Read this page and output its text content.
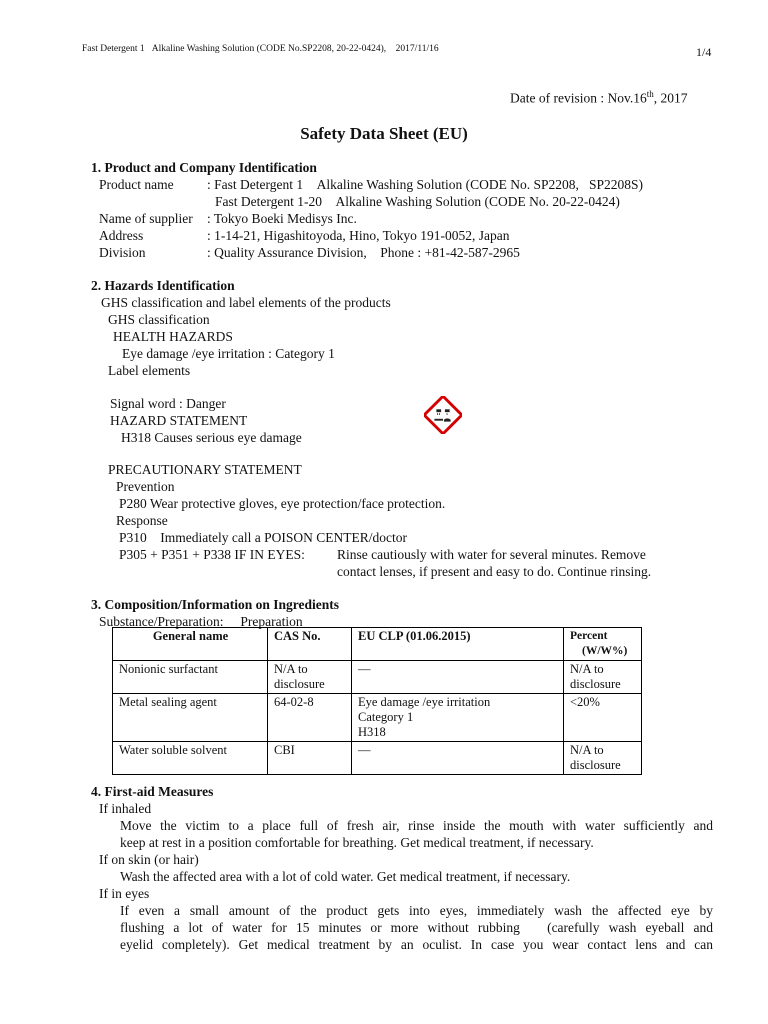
Fast Detergent 1   Alkaline Washing Solution (CODE No.SP2208, 20-22-0424),    2017/11/16	1/4
Date of revision : Nov.16th, 2017
Safety Data Sheet (EU)
1. Product and Company Identification
Product name : Fast Detergent 1    Alkaline Washing Solution (CODE No. SP2208,   SP2208S)
Fast Detergent 1-20    Alkaline Washing Solution (CODE No. 20-22-0424)
Name of supplier : Tokyo Boeki Medisys Inc.
Address	: 1-14-21, Higashitoyoda, Hino, Tokyo 191-0052, Japan
Division	: Quality Assurance Division,    Phone : +81-42-587-2965
2. Hazards Identification
GHS classification and label elements of the products
GHS classification
HEALTH HAZARDS
Eye damage /eye irritation : Category 1
Label elements
Signal word : Danger
HAZARD STATEMENT
H318 Causes serious eye damage
PRECAUTIONARY STATEMENT
Prevention
P280 Wear protective gloves, eye protection/face protection.
Response
P310    Immediately call a POISON CENTER/doctor
P305 + P351 + P338 IF IN EYES: Rinse cautiously with water for several minutes. Remove
contact lenses, if present and easy to do. Continue rinsing.
3. Composition/Information on Ingredients
Substance/Preparation:     Preparation
General name	CAS No.	EU CLP (01.06.2015)	Percent
(W/W%)

Nonionic surfactant	N/A to disclosure	—	N/A to disclosure
Metal sealing agent	64-02-8	Eye damage /eye irritation
Category 1
H318	<20%
Water soluble solvent	CBI	—	N/A to disclosure
4. First-aid Measures
If inhaled
Move the victim to a place full of fresh air, rinse inside the mouth with water sufficiently and
keep at rest in a position comfortable for breathing. Get medical treatment, if necessary.
If on skin (or hair)
Wash the affected area with a lot of cold water. Get medical treatment, if necessary.
If in eyes
If even a small amount of the product gets into eyes, immediately wash the affected eye by
flushing a lot of water for 15 minutes or more without rubbing   (carefully wash eyeball and
eyelid completely). Get medical treatment by an oculist. In case you wear contact lens and can
